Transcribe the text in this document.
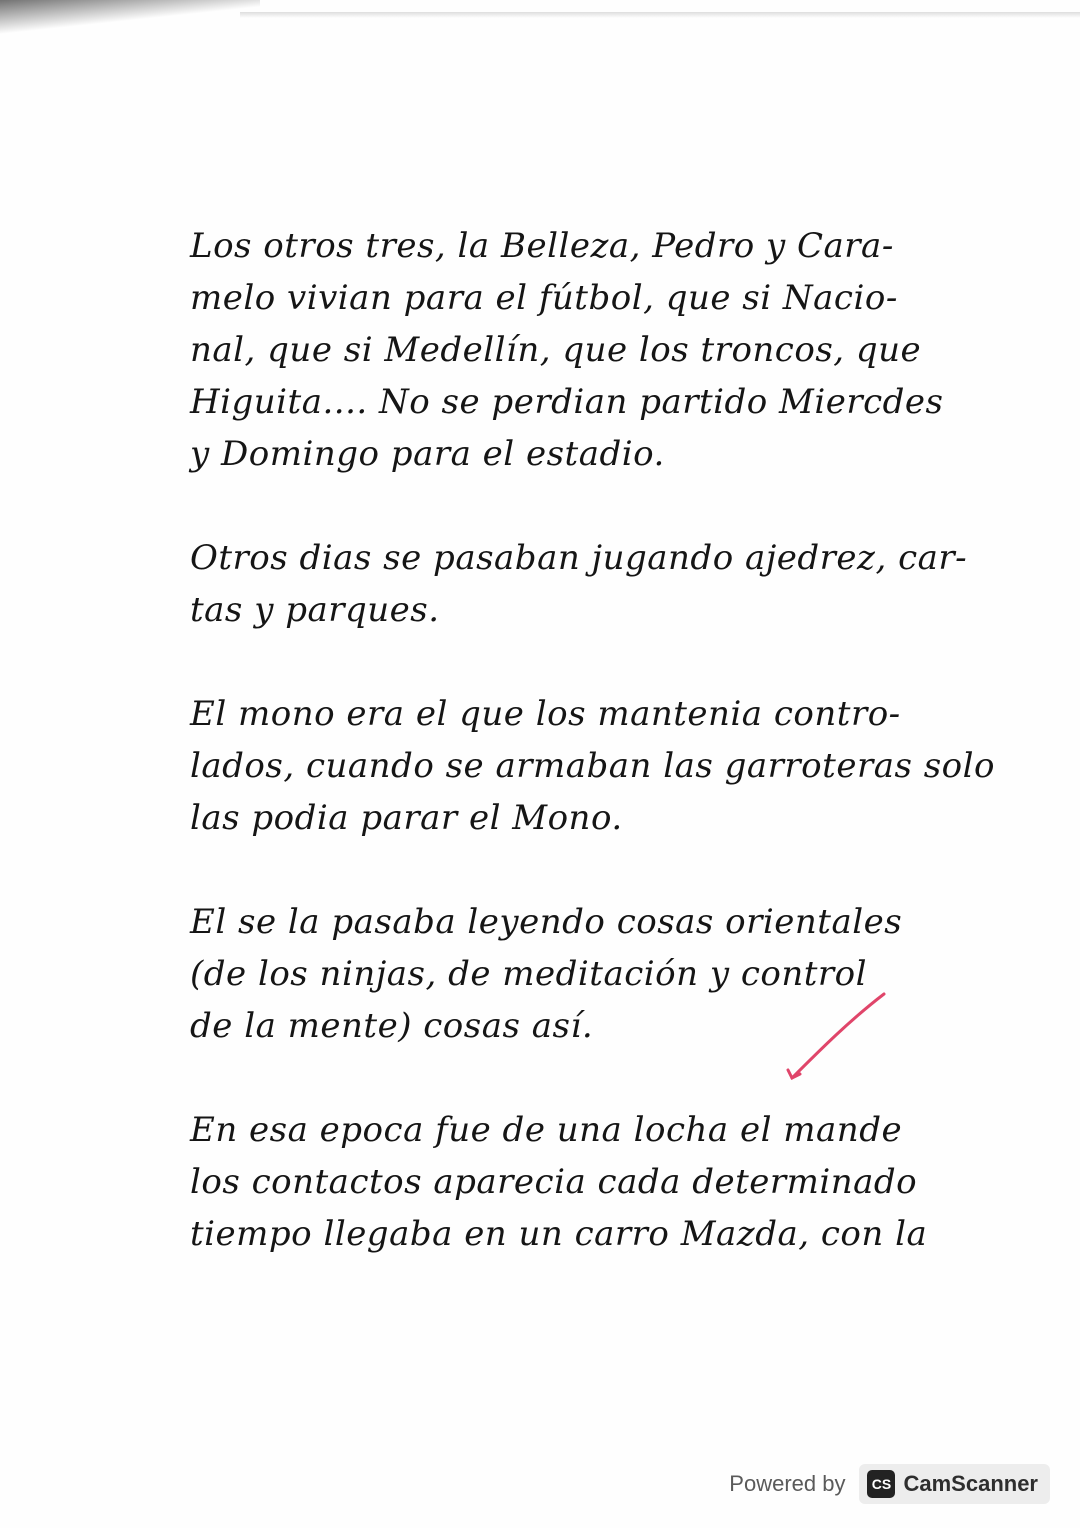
Los otros tres, la Belleza, Pedro y Cara-
melo vivian para el fútbol, que si Nacio-
nal, que si Medellín, que los troncos, que
Higuita.... No se perdian partido Miercdes
y Domingo para el estadio.
Otros dias se pasaban jugando ajedrez, car-
tas y parques.
El mono era el que los mantenia contro-
lados, cuando se armaban las garroteras solo
las podia parar el Mono.
El se la pasaba leyendo cosas orientales
(de los ninjas, de meditación y control
de la mente) cosas así.
En esa epoca fue de una locha el mande
los contactos aparecia cada determinado
tiempo llegaba en un carro Mazda, con la
Powered by	CS CamScanner
